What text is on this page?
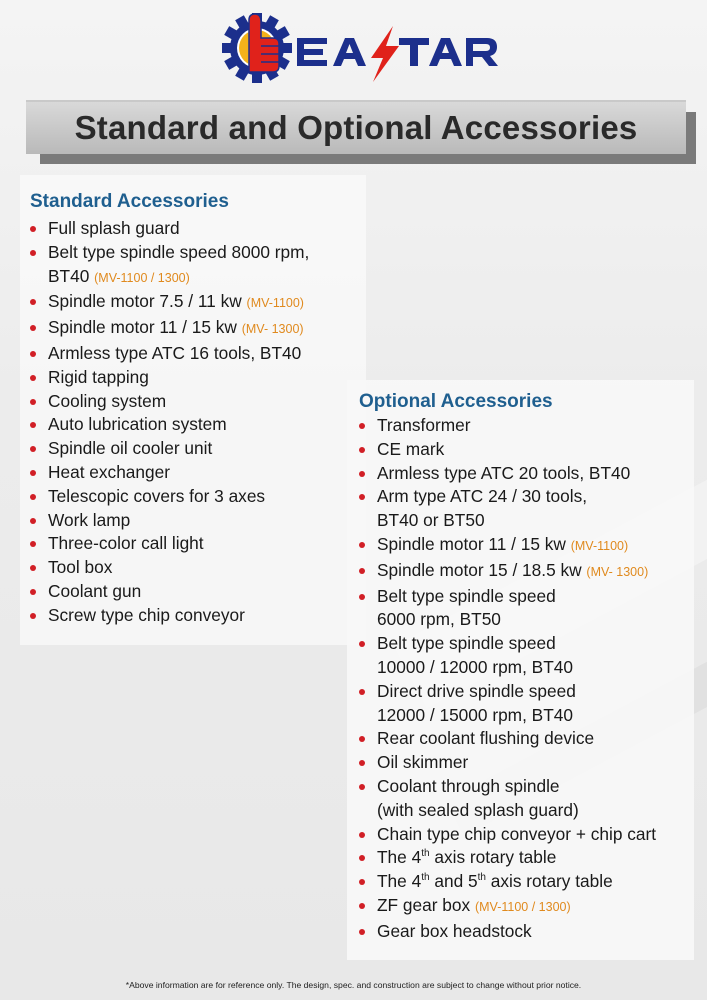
Standard and Optional Accessories
Standard Accessories
Full splash guard
Belt type spindle speed 8000 rpm,
BT40 (MV-1100 / 1300)
Spindle motor 7.5 / 11 kw (MV-1100)
Spindle motor 11 / 15 kw (MV- 1300)
Armless type ATC 16 tools, BT40
Rigid tapping
Cooling system
Auto lubrication system
Spindle oil cooler unit
Heat exchanger
Telescopic covers for 3 axes
Work lamp
Three-color call light
Tool box
Coolant gun
Screw type chip conveyor
Optional Accessories
Transformer
CE mark
Armless type ATC 20 tools, BT40
Arm type ATC 24 / 30 tools,
BT40 or BT50
Spindle motor 11 / 15 kw (MV-1100)
Spindle motor 15 / 18.5 kw (MV- 1300)
Belt type spindle speed
6000 rpm, BT50
Belt type spindle speed
10000 / 12000 rpm, BT40
Direct drive spindle speed
12000 / 15000 rpm, BT40
Rear coolant flushing device
Oil skimmer
Coolant through spindle
(with sealed splash guard)
Chain type chip conveyor + chip cart
The 4th axis rotary table
The 4th and 5th axis rotary table
ZF gear box (MV-1100 / 1300)
Gear box headstock
*Above information are for reference only. The design, spec. and construction are subject to change without prior notice.
